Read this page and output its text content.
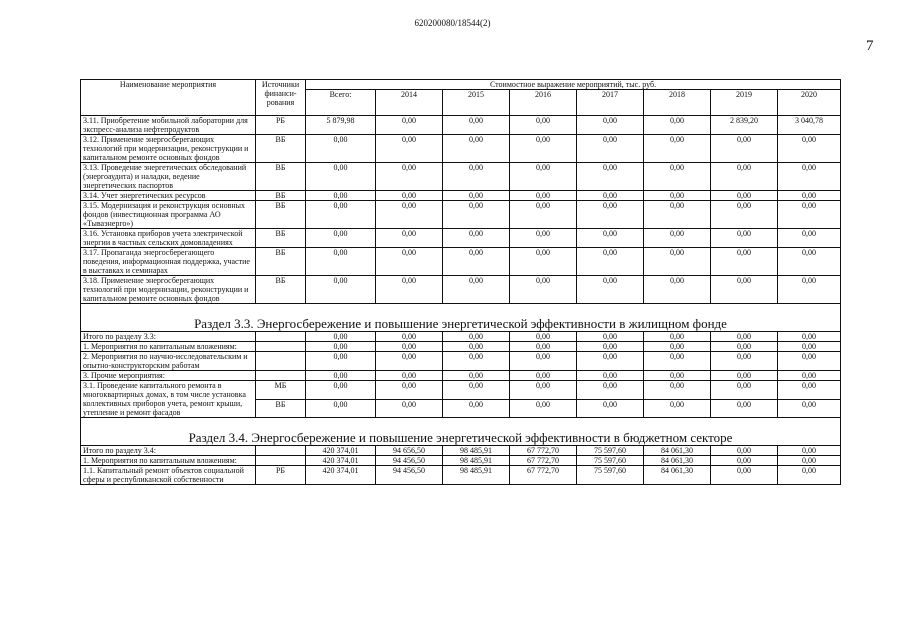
620200080/18544(2)
7
Наименование мероприятия	Источники финанси-рования	Стоимостное выражение мероприятий, тыс. руб.							
		Всего:	2014	2015	2016	2017	2018	2019	2020
3.11. Приобретение мобильной лаборатории для экспресс-анализа нефтепродуктов	РБ	5 879,98	0,00	0,00	0,00	0,00	0,00	2 839,20	3 040,78
3.12. Применение энергосберегающих технологий при модернизации, реконструкции и капитальном ремонте основных фондов	ВБ	0,00	0,00	0,00	0,00	0,00	0,00	0,00	0,00
3.13. Проведение энергетических обследований (энергоаудита) и наладки, ведение энергетических паспортов	ВБ	0,00	0,00	0,00	0,00	0,00	0,00	0,00	0,00
3.14. Учет энергетических ресурсов	ВБ	0,00	0,00	0,00	0,00	0,00	0,00	0,00	0,00
3.15. Модернизация и реконструкция основных фондов (инвестиционная программа АО «Тываэнерго»)	ВБ	0,00	0,00	0,00	0,00	0,00	0,00	0,00	0,00
3.16. Установка приборов учета электрической энергии в частных сельских домовладениях	ВБ	0,00	0,00	0,00	0,00	0,00	0,00	0,00	0,00
3.17. Пропаганда энергосберегающего поведения, информационная поддержка, участие в выставках и семинарах	ВБ	0,00	0,00	0,00	0,00	0,00	0,00	0,00	0,00
3.18. Применение энергосберегающих технологий при модернизации, реконструкции и капитальном ремонте основных фондов	ВБ	0,00	0,00	0,00	0,00	0,00	0,00	0,00	0,00
Раздел 3.3. Энергосбережение и повышение энергетической эффективности в жилищном фонде									
Итого по разделу 3.3:		0,00	0,00	0,00	0,00	0,00	0,00	0,00	0,00
1. Мероприятия по капитальным вложениям:		0,00	0,00	0,00	0,00	0,00	0,00	0,00	0,00
2. Мероприятия по научно-исследовательским и опытно-конструкторским работам		0,00	0,00	0,00	0,00	0,00	0,00	0,00	0,00
3. Прочие мероприятия:		0,00	0,00	0,00	0,00	0,00	0,00	0,00	0,00
3.1. Проведение капитального ремонта в многоквартирных домах, в том числе установка коллективных приборов учета, ремонт крыши, утепление и ремонт фасадов	МБ	0,00	0,00	0,00	0,00	0,00	0,00	0,00	0,00
	ВБ	0,00	0,00	0,00	0,00	0,00	0,00	0,00	0,00
Раздел 3.4. Энергосбережение и повышение энергетической эффективности в бюджетном секторе									
Итого по разделу 3.4:		420 374,01	94 656,50	98 485,91	67 772,70	75 597,60	84 061,30	0,00	0,00
1. Мероприятия по капитальным вложениям:		420 374,01	94 456,50	98 485,91	67 772,70	75 597,60	84 061,30	0,00	0,00
1.1. Капитальный ремонт объектов социальной сферы и республиканской собственности	РБ	420 374,01	94 456,50	98 485,91	67 772,70	75 597,60	84 061,30	0,00	0,00
